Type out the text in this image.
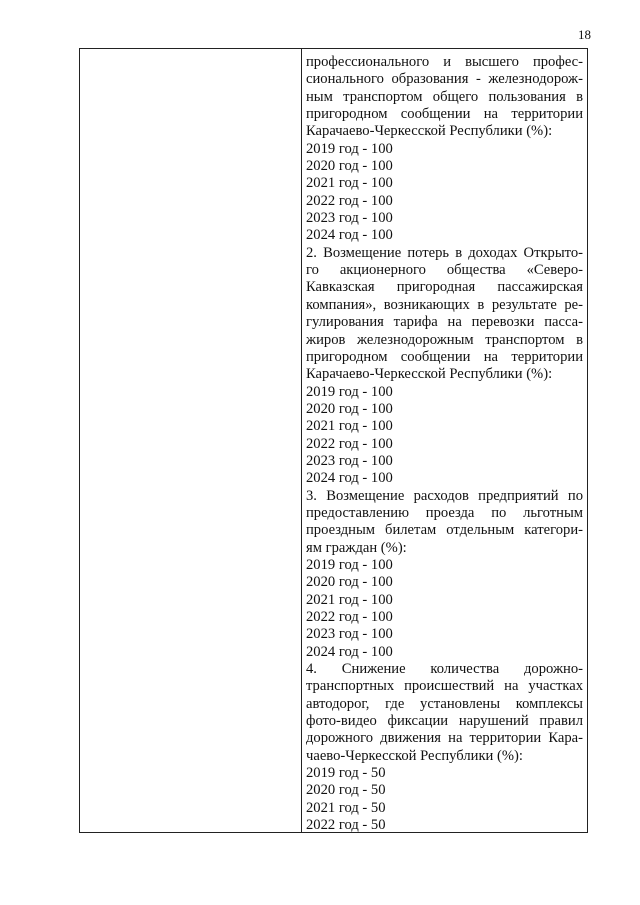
18
профессионального и высшего профес-
сионального образования - железнодорож-
ным транспортом общего пользования в
пригородном сообщении на территории
Карачаево-Черкесской Республики (%):
2019 год - 100
2020 год - 100
2021 год - 100
2022 год - 100
2023 год - 100
2024 год - 100
2. Возмещение потерь в доходах Открыто-
го акционерного общества «Северо-
Кавказская пригородная пассажирская
компания», возникающих в результате ре-
гулирования тарифа на перевозки пасса-
жиров железнодорожным транспортом в
пригородном сообщении на территории
Карачаево-Черкесской Республики (%):
2019 год - 100
2020 год - 100
2021 год - 100
2022 год - 100
2023 год - 100
2024 год - 100
3. Возмещение расходов предприятий по
предоставлению проезда по льготным
проездным билетам отдельным категори-
ям граждан (%):
2019 год - 100
2020 год - 100
2021 год - 100
2022 год - 100
2023 год - 100
2024 год - 100
4. Снижение количества дорожно-
транспортных происшествий на участках
автодорог, где установлены комплексы
фото-видео фиксации нарушений правил
дорожного движения на территории Кара-
чаево-Черкесской Республики (%):
2019 год - 50
2020 год - 50
2021 год - 50
2022 год - 50
